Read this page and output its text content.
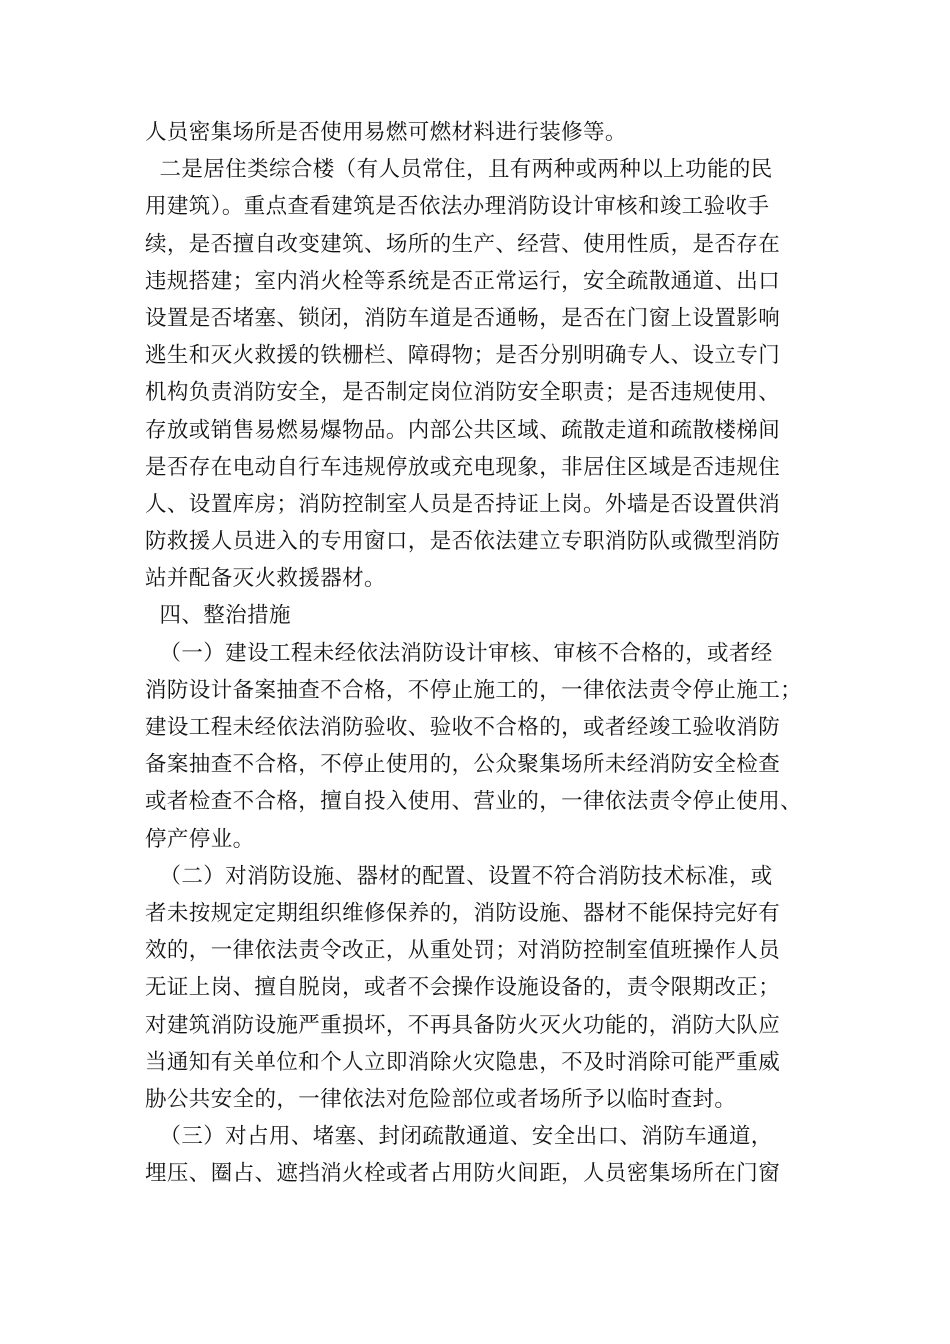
人员密集场所是否使用易燃可燃材料进行装修等。
二是居住类综合楼（有人员常住，且有两种或两种以上功能的民
用建筑）。重点查看建筑是否依法办理消防设计审核和竣工验收手
续，是否擅自改变建筑、场所的生产、经营、使用性质，是否存在
违规搭建；室内消火栓等系统是否正常运行，安全疏散通道、出口
设置是否堵塞、锁闭，消防车道是否通畅，是否在门窗上设置影响
逃生和灭火救援的铁栅栏、障碍物；是否分别明确专人、设立专门
机构负责消防安全，是否制定岗位消防安全职责；是否违规使用、
存放或销售易燃易爆物品。内部公共区域、疏散走道和疏散楼梯间
是否存在电动自行车违规停放或充电现象，非居住区域是否违规住
人、设置库房；消防控制室人员是否持证上岗。外墙是否设置供消
防救援人员进入的专用窗口，是否依法建立专职消防队或微型消防
站并配备灭火救援器材。
四、整治措施
（一）建设工程未经依法消防设计审核、审核不合格的，或者经
消防设计备案抽查不合格，不停止施工的，一律依法责令停止施工；
建设工程未经依法消防验收、验收不合格的，或者经竣工验收消防
备案抽查不合格，不停止使用的，公众聚集场所未经消防安全检查
或者检查不合格，擅自投入使用、营业的，一律依法责令停止使用、
停产停业。
（二）对消防设施、器材的配置、设置不符合消防技术标准，或
者未按规定定期组织维修保养的，消防设施、器材不能保持完好有
效的，一律依法责令改正，从重处罚；对消防控制室值班操作人员
无证上岗、擅自脱岗，或者不会操作设施设备的，责令限期改正；
对建筑消防设施严重损坏，不再具备防火灭火功能的，消防大队应
当通知有关单位和个人立即消除火灾隐患，不及时消除可能严重威
胁公共安全的，一律依法对危险部位或者场所予以临时查封。
（三）对占用、堵塞、封闭疏散通道、安全出口、消防车通道，
埋压、圈占、遮挡消火栓或者占用防火间距，人员密集场所在门窗
